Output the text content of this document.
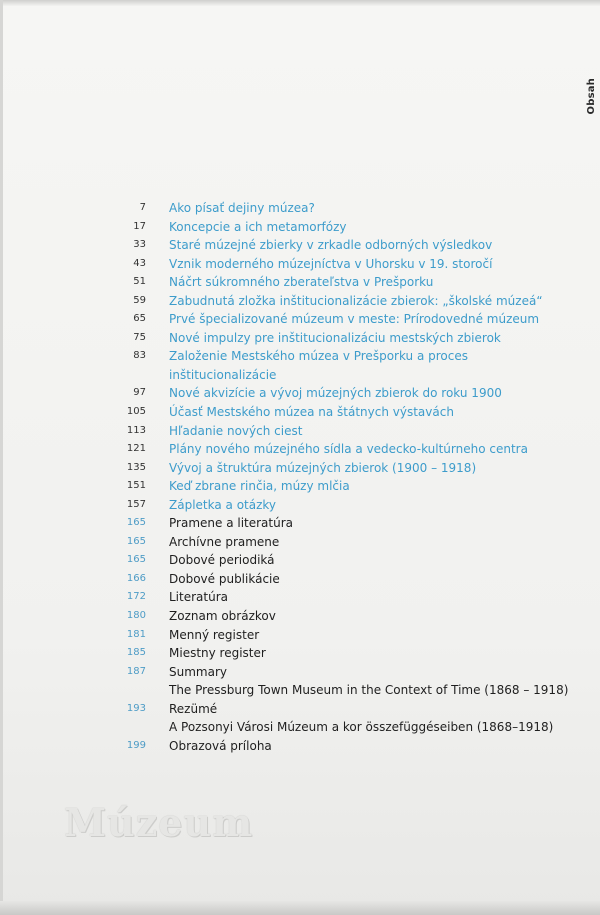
Obsah
7 Ako písať dejiny múzea?
17 Koncepcie a ich metamorfózy
33 Staré múzejné zbierky v zrkadle odborných výsledkov
43 Vznik moderného múzejníctva v Uhorsku v 19. storočí
51 Náčrt súkromného zberateľstva v Prešporku
59 Zabudnutá zložka inštitucionalizácie zbierok: „školské múzeá“
65 Prvé špecializované múzeum v meste: Prírodovedné múzeum
75 Nové impulzy pre inštitucionalizáciu mestských zbierok
83 Založenie Mestského múzea v Prešporku a proces
inštitucionalizácie
97 Nové akvizície a vývoj múzejných zbierok do roku 1900
105 Účasť Mestského múzea na štátnych výstavách
113 Hľadanie nových ciest
121 Plány nového múzejného sídla a vedecko-kultúrneho centra
135 Vývoj a štruktúra múzejných zbierok (1900 – 1918)
151 Keď zbrane rinčia, múzy mlčia
157 Zápletka a otázky
165 Pramene a literatúra
165 Archívne pramene
165 Dobové periodiká
166 Dobové publikácie
172 Literatúra
180 Zoznam obrázkov
181 Menný register
185 Miestny register
187 Summary
The Pressburg Town Museum in the Context of Time (1868 – 1918)
193 Rezümé
A Pozsonyi Városi Múzeum a kor összefüggéseiben (1868–1918)
199 Obrazová príloha
Múzeum
